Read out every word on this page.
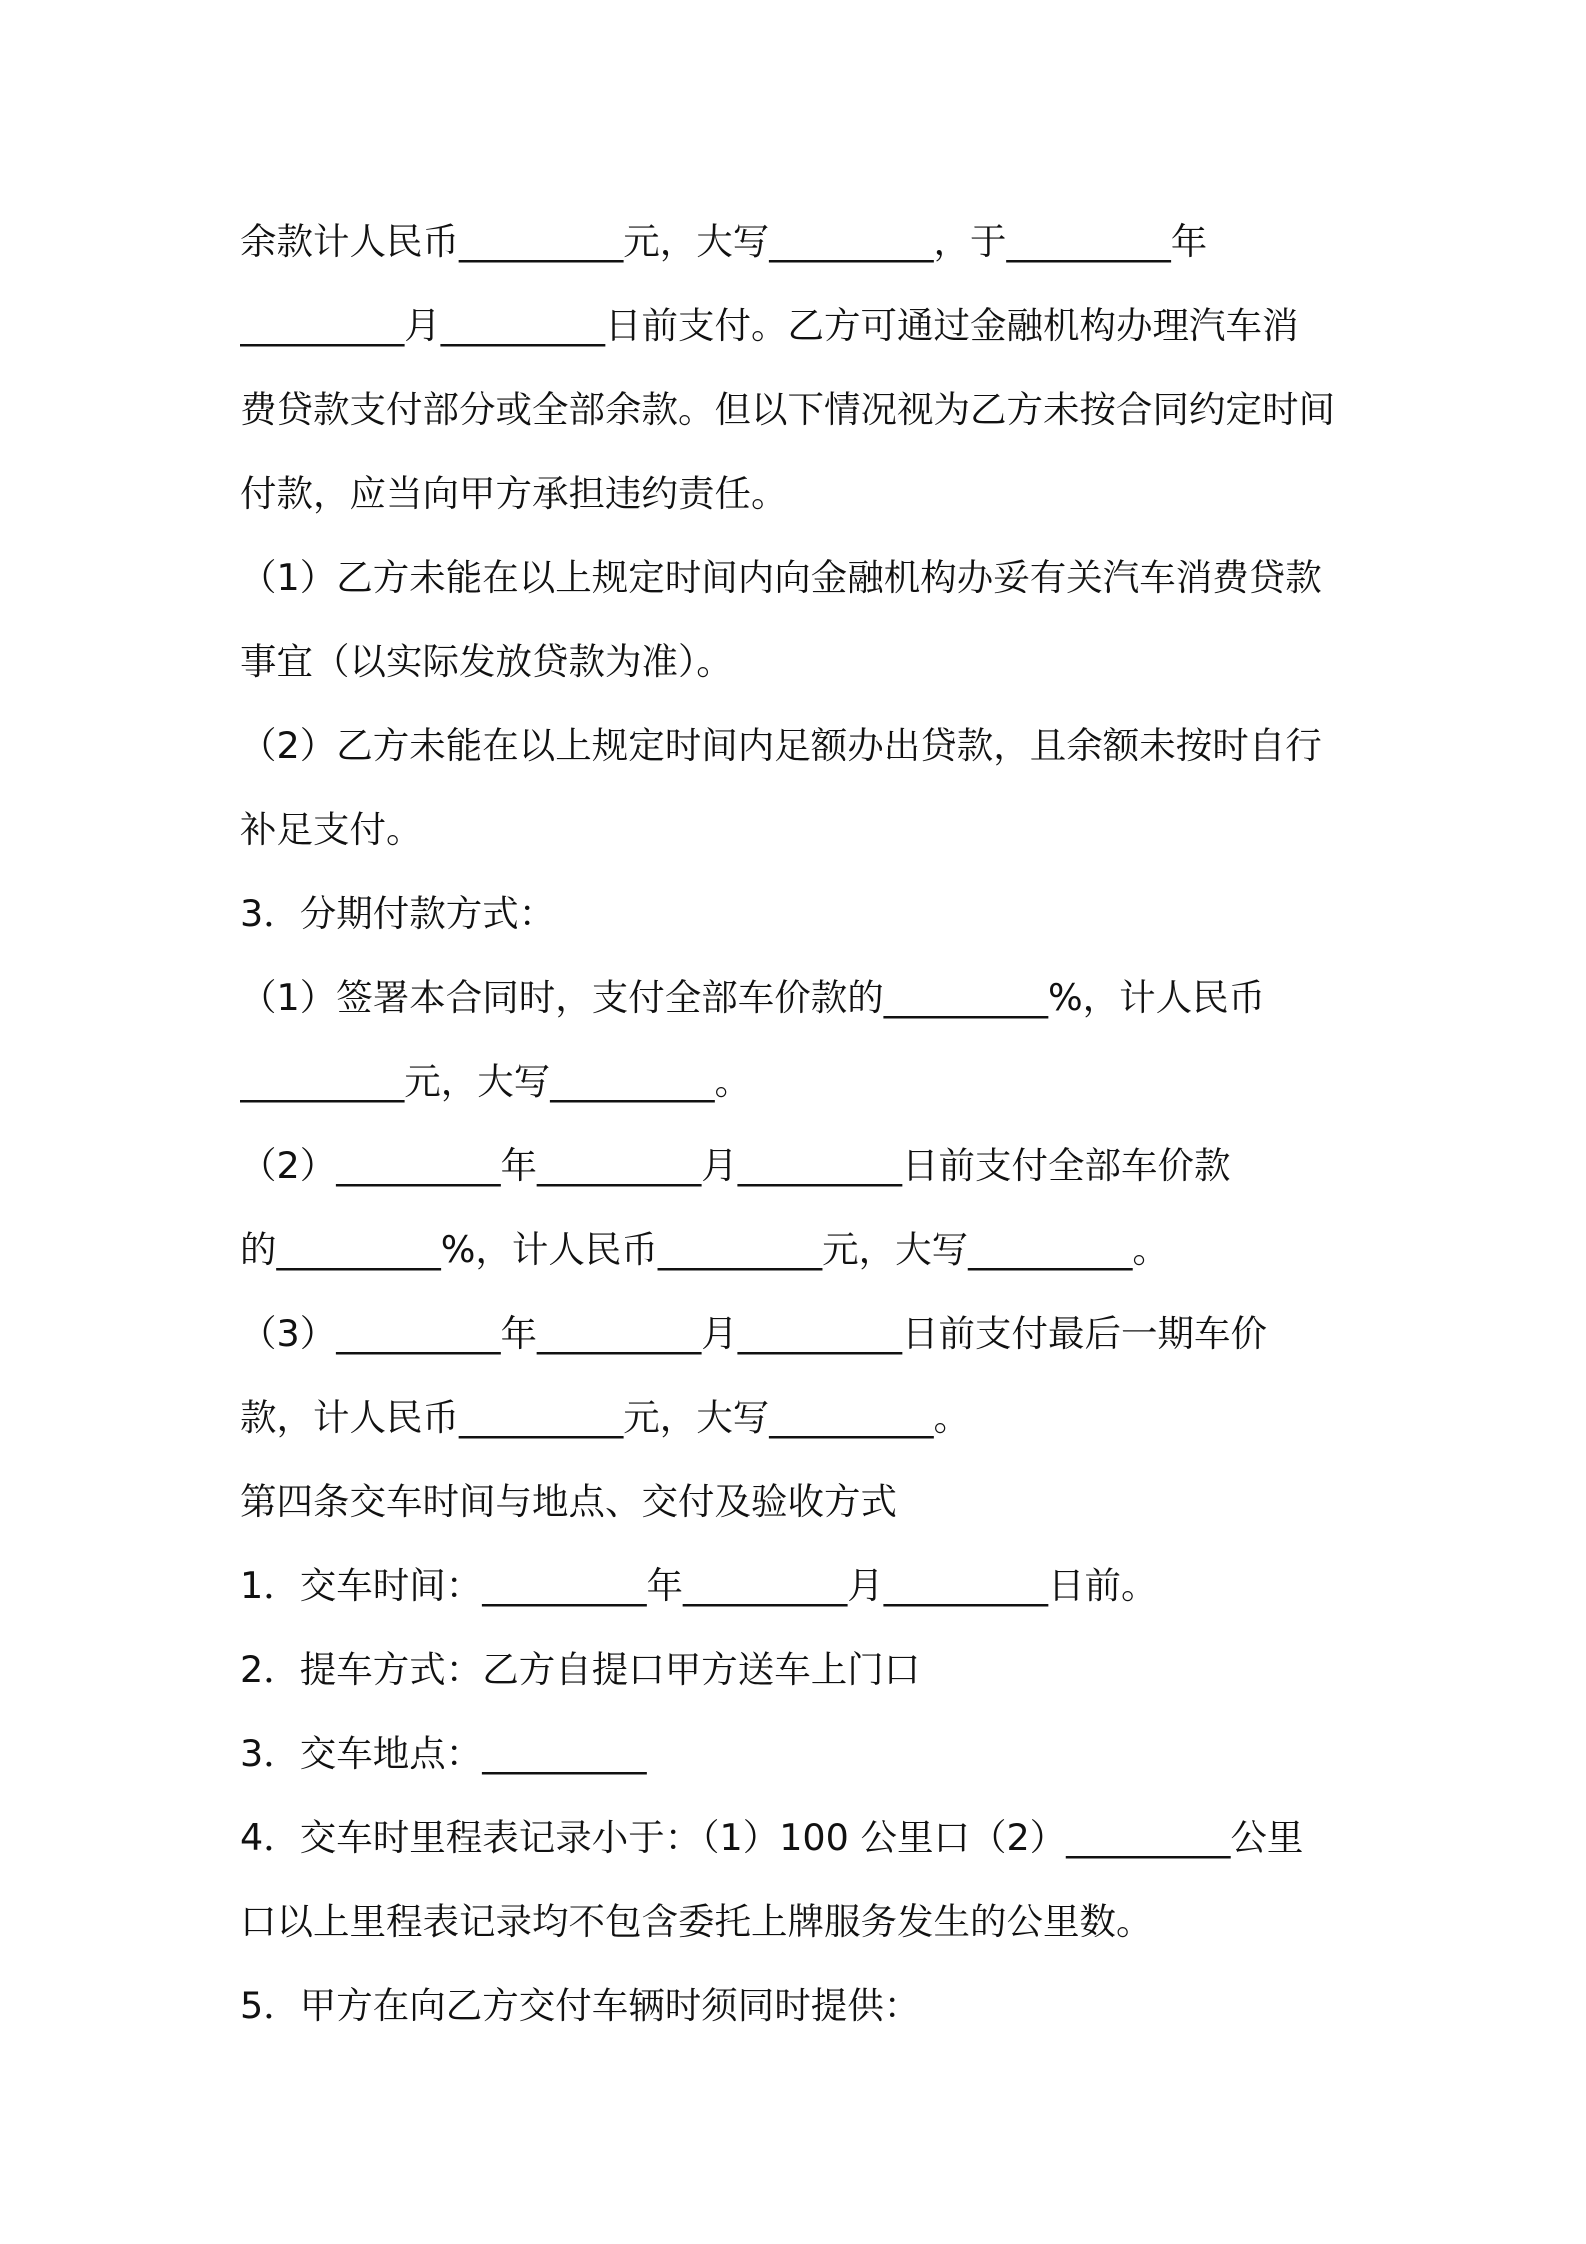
余款计人民币_________元，大写_________，于_________年
_________月_________日前支付。乙方可通过金融机构办理汽车消
费贷款支付部分或全部余款。但以下情况视为乙方未按合同约定时间
付款，应当向甲方承担违约责任。
（1）乙方未能在以上规定时间内向金融机构办妥有关汽车消费贷款
事宜（以实际发放贷款为准）。
（2）乙方未能在以上规定时间内足额办出贷款，且余额未按时自行
补足支付。
3．分期付款方式：
（1）签署本合同时，支付全部车价款的_________%，计人民币
_________元，大写_________。
（2）_________年_________月_________日前支付全部车价款
的_________%，计人民币_________元，大写_________。
（3）_________年_________月_________日前支付最后一期车价
款，计人民币_________元，大写_________。
第四条交车时间与地点、交付及验收方式
1．交车时间：_________年_________月_________日前。
2．提车方式：乙方自提口甲方送车上门口
3．交车地点：_________
4．交车时里程表记录小于：（1）100 公里口（2）_________公里
口以上里程表记录均不包含委托上牌服务发生的公里数。
5．甲方在向乙方交付车辆时须同时提供：
